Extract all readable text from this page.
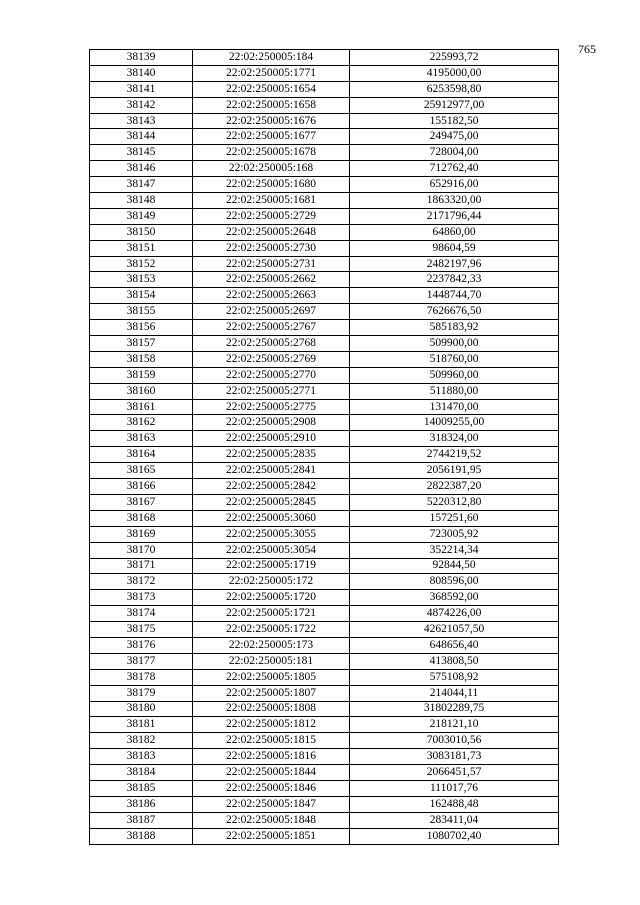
765
38139	22:02:250005:184	225993,72
38140	22:02:250005:1771	4195000,00
38141	22:02:250005:1654	6253598,80
38142	22:02:250005:1658	25912977,00
38143	22:02:250005:1676	155182,50
38144	22:02:250005:1677	249475,00
38145	22:02:250005:1678	728004,00
38146	22:02:250005:168	712762,40
38147	22:02:250005:1680	652916,00
38148	22:02:250005:1681	1863320,00
38149	22:02:250005:2729	2171796,44
38150	22:02:250005:2648	64860,00
38151	22:02:250005:2730	98604,59
38152	22:02:250005:2731	2482197,96
38153	22:02:250005:2662	2237842,33
38154	22:02:250005:2663	1448744,70
38155	22:02:250005:2697	7626676,50
38156	22:02:250005:2767	585183,92
38157	22:02:250005:2768	509900,00
38158	22:02:250005:2769	518760,00
38159	22:02:250005:2770	509960,00
38160	22:02:250005:2771	511880,00
38161	22:02:250005:2775	131470,00
38162	22:02:250005:2908	14009255,00
38163	22:02:250005:2910	318324,00
38164	22:02:250005:2835	2744219,52
38165	22:02:250005:2841	2056191,95
38166	22:02:250005:2842	2822387,20
38167	22:02:250005:2845	5220312,80
38168	22:02:250005:3060	157251,60
38169	22:02:250005:3055	723005,92
38170	22:02:250005:3054	352214,34
38171	22:02:250005:1719	92844,50
38172	22:02:250005:172	808596,00
38173	22:02:250005:1720	368592,00
38174	22:02:250005:1721	4874226,00
38175	22:02:250005:1722	42621057,50
38176	22:02:250005:173	648656,40
38177	22:02:250005:181	413808,50
38178	22:02:250005:1805	575108,92
38179	22:02:250005:1807	214044,11
38180	22:02:250005:1808	31802289,75
38181	22:02:250005:1812	218121,10
38182	22:02:250005:1815	7003010,56
38183	22:02:250005:1816	3083181,73
38184	22:02:250005:1844	2066451,57
38185	22:02:250005:1846	111017,76
38186	22:02:250005:1847	162488,48
38187	22:02:250005:1848	283411,04
38188	22:02:250005:1851	1080702,40
